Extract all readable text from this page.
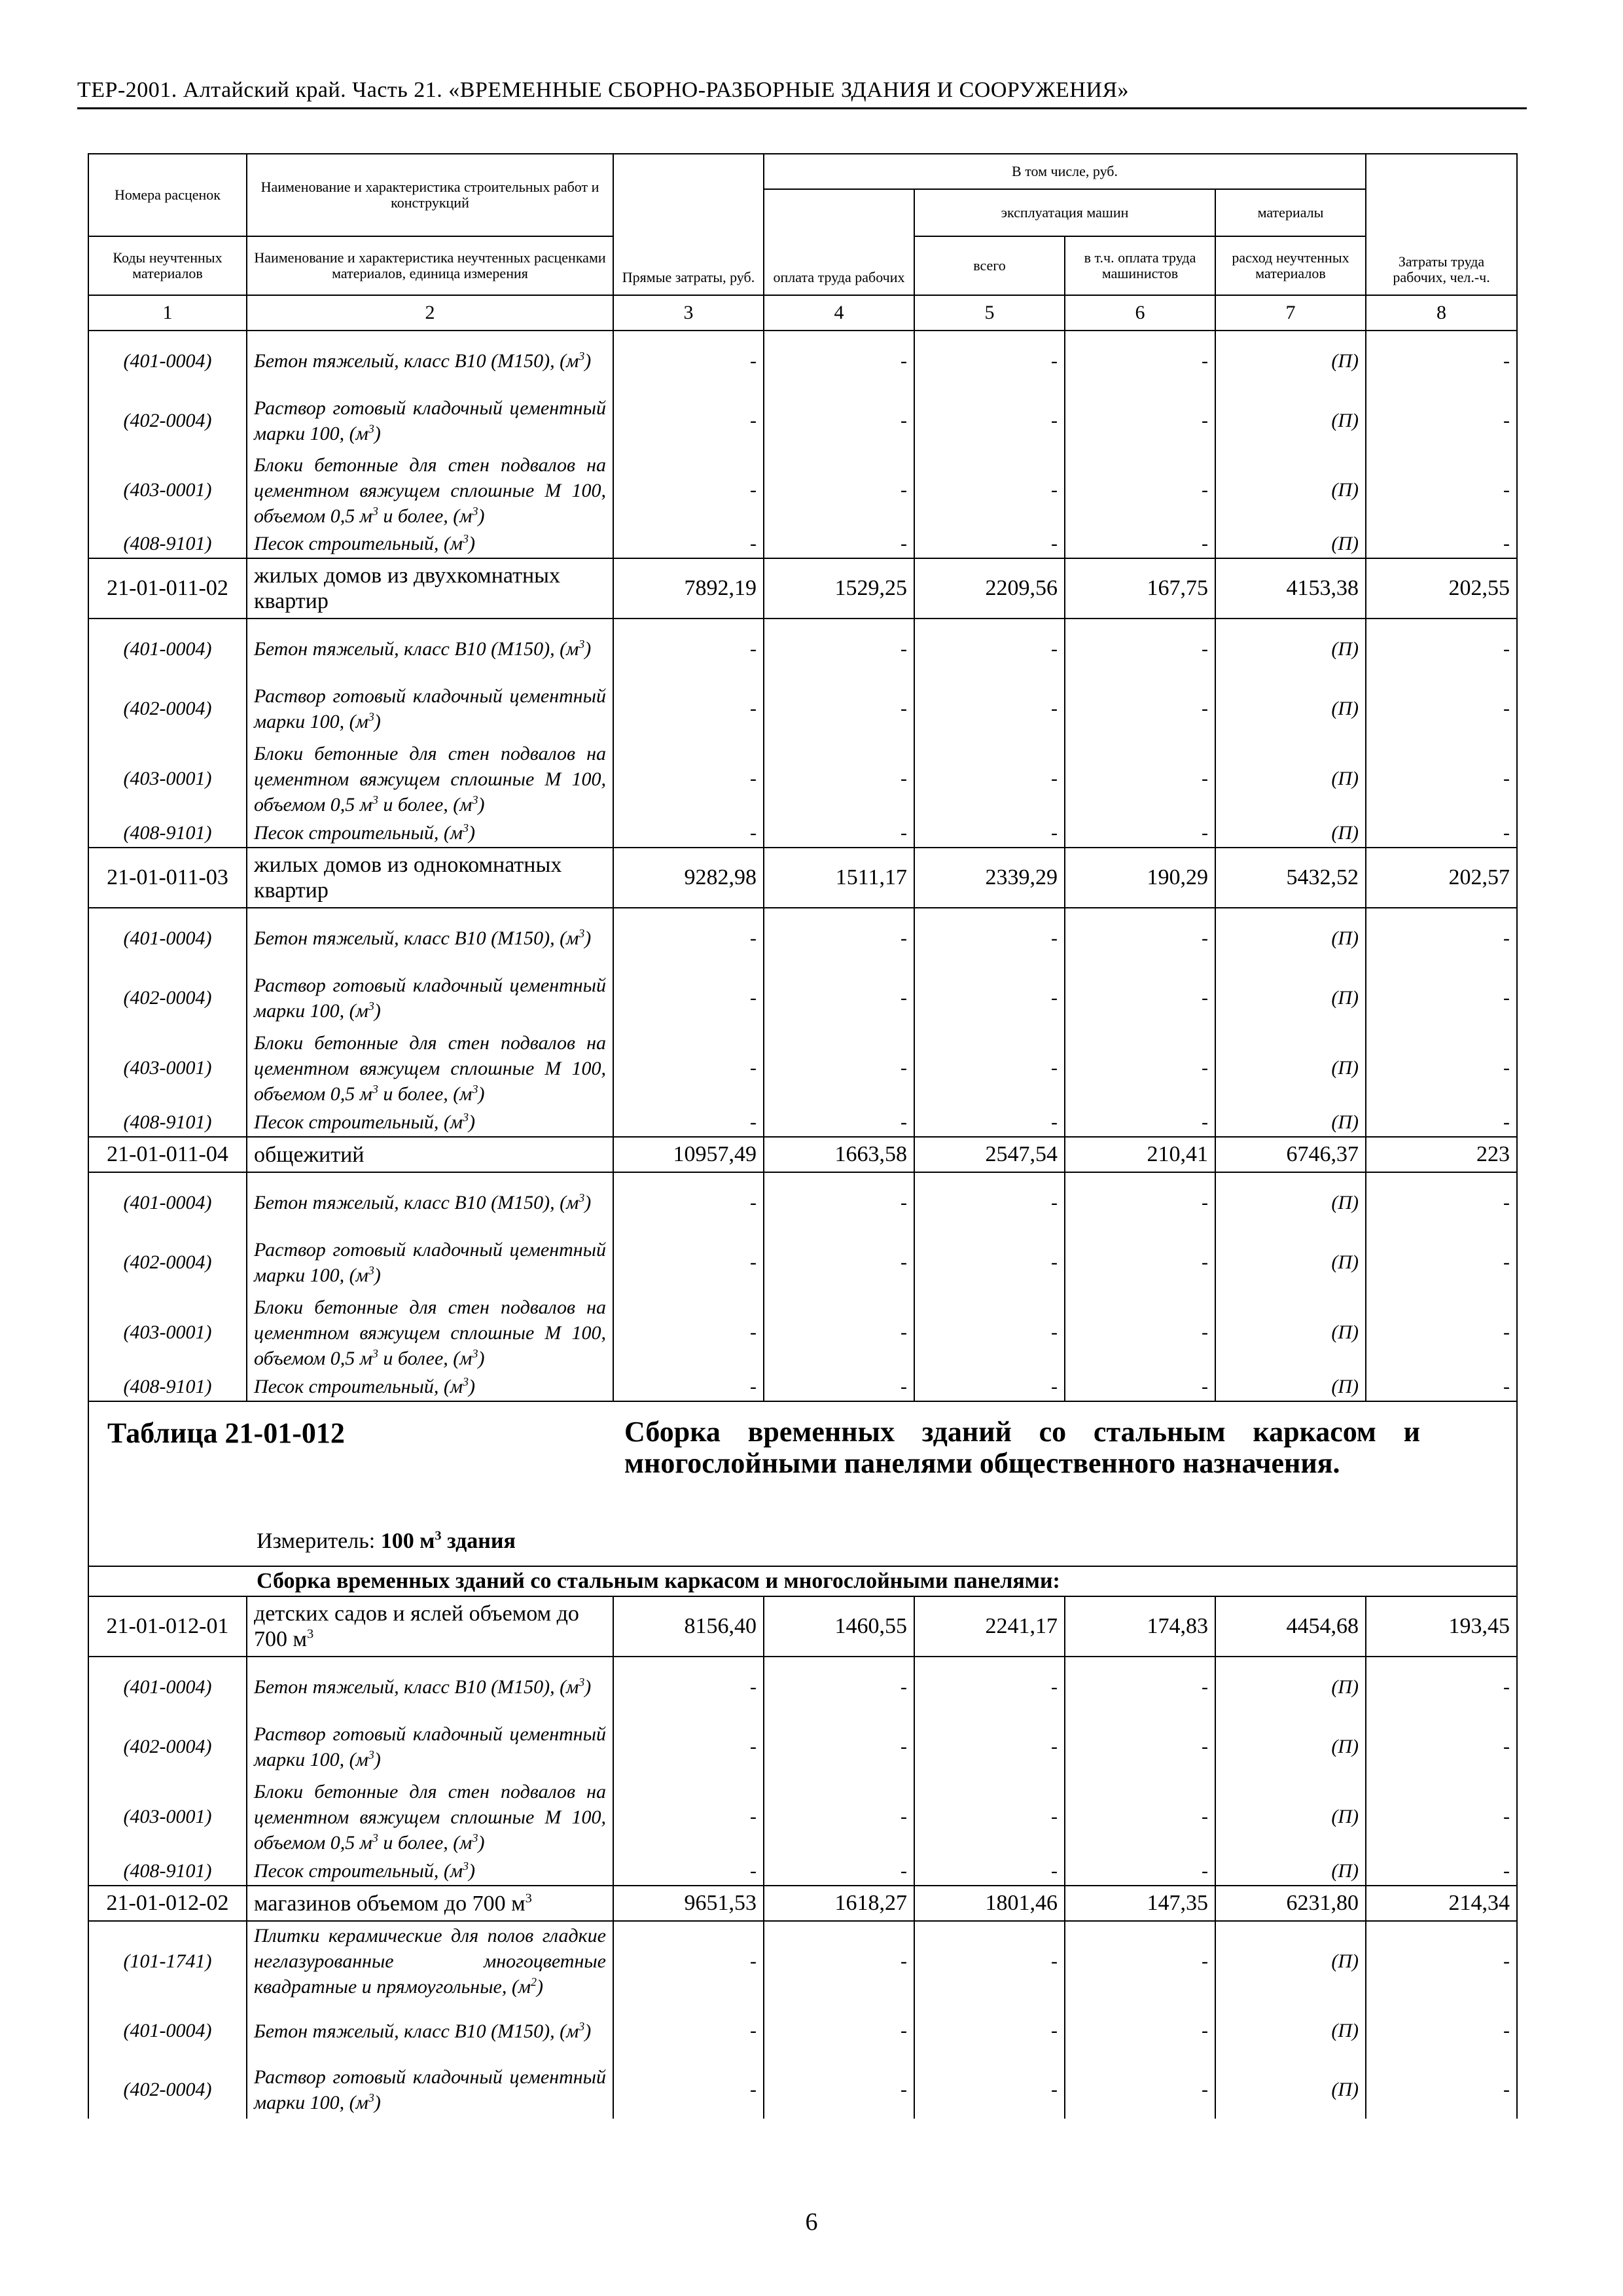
ТЕР-2001. Алтайский край. Часть 21. «ВРЕМЕННЫЕ СБОРНО-РАЗБОРНЫЕ ЗДАНИЯ И СООРУЖЕНИЯ»
Номера расценок	Наименование и характеристика строительных работ и конструкций	Прямые затраты, руб.	В том числе, руб.				Затраты труда рабочих, чел.-ч.
			оплата труда рабочих	эксплуатация машин		материалы	

Коды неучтенных материалов	Наименование и характеристика неучтенных расценками материалов, единица измерения			всего	в т.ч. оплата труда машинистов	расход неучтенных материалов	
1	2	3	4	5	6	7	8
(401-0004)	Бетон тяжелый, класс B10 (М150), $(м^3)$	-	-	-	-	(П)	-
(402-0004)	Раствор готовый кладочный цементный марки 100, $(м^3)$	-	-	-	-	(П)	-
(403-0001)	Блоки бетонные для стен подвалов на цементном вяжущем сплошные М 100, объемом 0,5 $м^3$ и более, $(м^3)$	-	-	-	-	(П)	-
(408-9101)	Песок строительный, $(м^3)$	-	-	-	-	(П)	-
21-01-011-02	жилых домов из двухкомнатных квартир	7892,19	1529,25	2209,56	167,75	4153,38	202,55
(401-0004)	Бетон тяжелый, класс B10 (М150), $(м^3)$	-	-	-	-	(П)	-
(402-0004)	Раствор готовый кладочный цементный марки 100, $(м^3)$	-	-	-	-	(П)	-
(403-0001)	Блоки бетонные для стен подвалов на цементном вяжущем сплошные М 100, объемом 0,5 $м^3$ и более, $(м^3)$	-	-	-	-	(П)	-
(408-9101)	Песок строительный, $(м^3)$	-	-	-	-	(П)	-
21-01-011-03	жилых домов из однокомнатных квартир	9282,98	1511,17	2339,29	190,29	5432,52	202,57
(401-0004)	Бетон тяжелый, класс B10 (М150), $(м^3)$	-	-	-	-	(П)	-
(402-0004)	Раствор готовый кладочный цементный марки 100, $(м^3)$	-	-	-	-	(П)	-
(403-0001)	Блоки бетонные для стен подвалов на цементном вяжущем сплошные М 100, объемом 0,5 $м^3$ и более, $(м^3)$	-	-	-	-	(П)	-
(408-9101)	Песок строительный, $(м^3)$	-	-	-	-	(П)	-
21-01-011-04	общежитий	10957,49	1663,58	2547,54	210,41	6746,37	223
(401-0004)	Бетон тяжелый, класс B10 (М150), $(м^3)$	-	-	-	-	(П)	-
(402-0004)	Раствор готовый кладочный цементный марки 100, $(м^3)$	-	-	-	-	(П)	-
(403-0001)	Блоки бетонные для стен подвалов на цементном вяжущем сплошные М 100, объемом 0,5 $м^3$ и более, $(м^3)$	-	-	-	-	(П)	-
(408-9101)	Песок строительный, $(м^3)$	-	-	-	-	(П)	-

Таблица 21-01-012 Сборка временных зданий со стальным каркасом и многослойными панелями общественного назначения.
Измеритель: 100 $м^3$ здания							

Сборка временных зданий со стальным каркасом и многослойными панелями:							
21-01-012-01	детских садов и яслей объемом до 700 $м^3$	8156,40	1460,55	2241,17	174,83	4454,68	193,45
(401-0004)	Бетон тяжелый, класс B10 (М150), $(м^3)$	-	-	-	-	(П)	-
(402-0004)	Раствор готовый кладочный цементный марки 100, $(м^3)$	-	-	-	-	(П)	-
(403-0001)	Блоки бетонные для стен подвалов на цементном вяжущем сплошные М 100, объемом 0,5 $м^3$ и более, $(м^3)$	-	-	-	-	(П)	-
(408-9101)	Песок строительный, $(м^3)$	-	-	-	-	(П)	-
21-01-012-02	магазинов объемом до 700 $м^3$	9651,53	1618,27	1801,46	147,35	6231,80	214,34
(101-1741)	Плитки керамические для полов гладкие неглазурованные многоцветные квадратные и прямоугольные, $(м^2)$	-	-	-	-	(П)	-
(401-0004)	Бетон тяжелый, класс B10 (М150), $(м^3)$	-	-	-	-	(П)	-
(402-0004)	Раствор готовый кладочный цементный марки 100, $(м^3)$	-	-	-	-	(П)	-
6
